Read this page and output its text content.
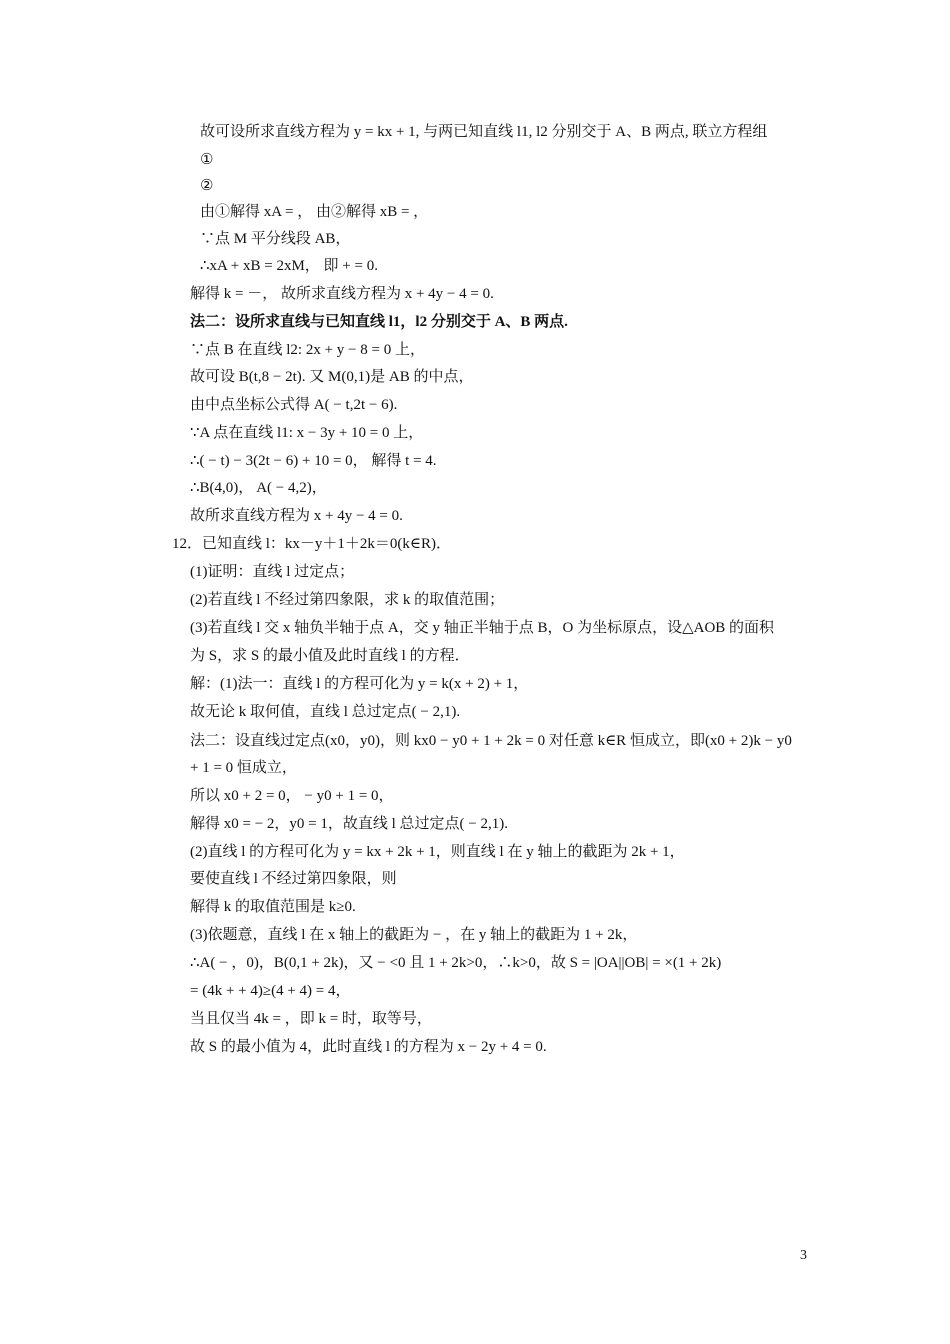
故可设所求直线方程为 y = kx + 1, 与两已知直线 l1, l2 分别交于 A、B 两点, 联立方程组
①
②
由①解得 xA = ， 由②解得 xB = ，
∵点 M 平分线段 AB，
∴xA + xB = 2xM， 即 + = 0.
解得 k = －， 故所求直线方程为 x + 4y − 4 = 0.
法二：设所求直线与已知直线 l1，l2 分别交于 A、B 两点.
∵点 B 在直线 l2: 2x + y − 8 = 0 上，
故可设 B(t,8 − 2t). 又 M(0,1)是 AB 的中点，
由中点坐标公式得 A( − t,2t − 6).
∵A 点在直线 l1: x − 3y + 10 = 0 上，
∴( − t) − 3(2t − 6) + 10 = 0， 解得 t = 4.
∴B(4,0)， A( − 4,2)，
故所求直线方程为 x + 4y − 4 = 0.
12．已知直线 l：kx－y＋1＋2k＝0(k∈R)．
(1)证明：直线 l 过定点；
(2)若直线 l 不经过第四象限，求 k 的取值范围；
(3)若直线 l 交 x 轴负半轴于点 A，交 y 轴正半轴于点 B，O 为坐标原点，设△AOB 的面积
为 S，求 S 的最小值及此时直线 l 的方程．
解：(1)法一：直线 l 的方程可化为 y = k(x + 2) + 1，
故无论 k 取何值，直线 l 总过定点( − 2,1).
法二：设直线过定点(x0，y0)，则 kx0 − y0 + 1 + 2k = 0 对任意 k∈R 恒成立，即(x0 + 2)k − y0
+ 1 = 0 恒成立，
所以 x0 + 2 = 0， − y0 + 1 = 0，
解得 x0 = − 2，y0 = 1，故直线 l 总过定点( − 2,1).
(2)直线 l 的方程可化为 y = kx + 2k + 1，则直线 l 在 y 轴上的截距为 2k + 1，
要使直线 l 不经过第四象限，则
解得 k 的取值范围是 k≥0.
(3)依题意，直线 l 在 x 轴上的截距为 − ，在 y 轴上的截距为 1 + 2k，
∴A( − ，0)，B(0,1 + 2k)，又 − <0 且 1 + 2k>0，∴k>0，故 S = |OA||OB| = ×(1 + 2k)
= (4k + + 4)≥(4 + 4) = 4，
当且仅当 4k = ，即 k = 时，取等号，
故 S 的最小值为 4，此时直线 l 的方程为 x − 2y + 4 = 0.
3
